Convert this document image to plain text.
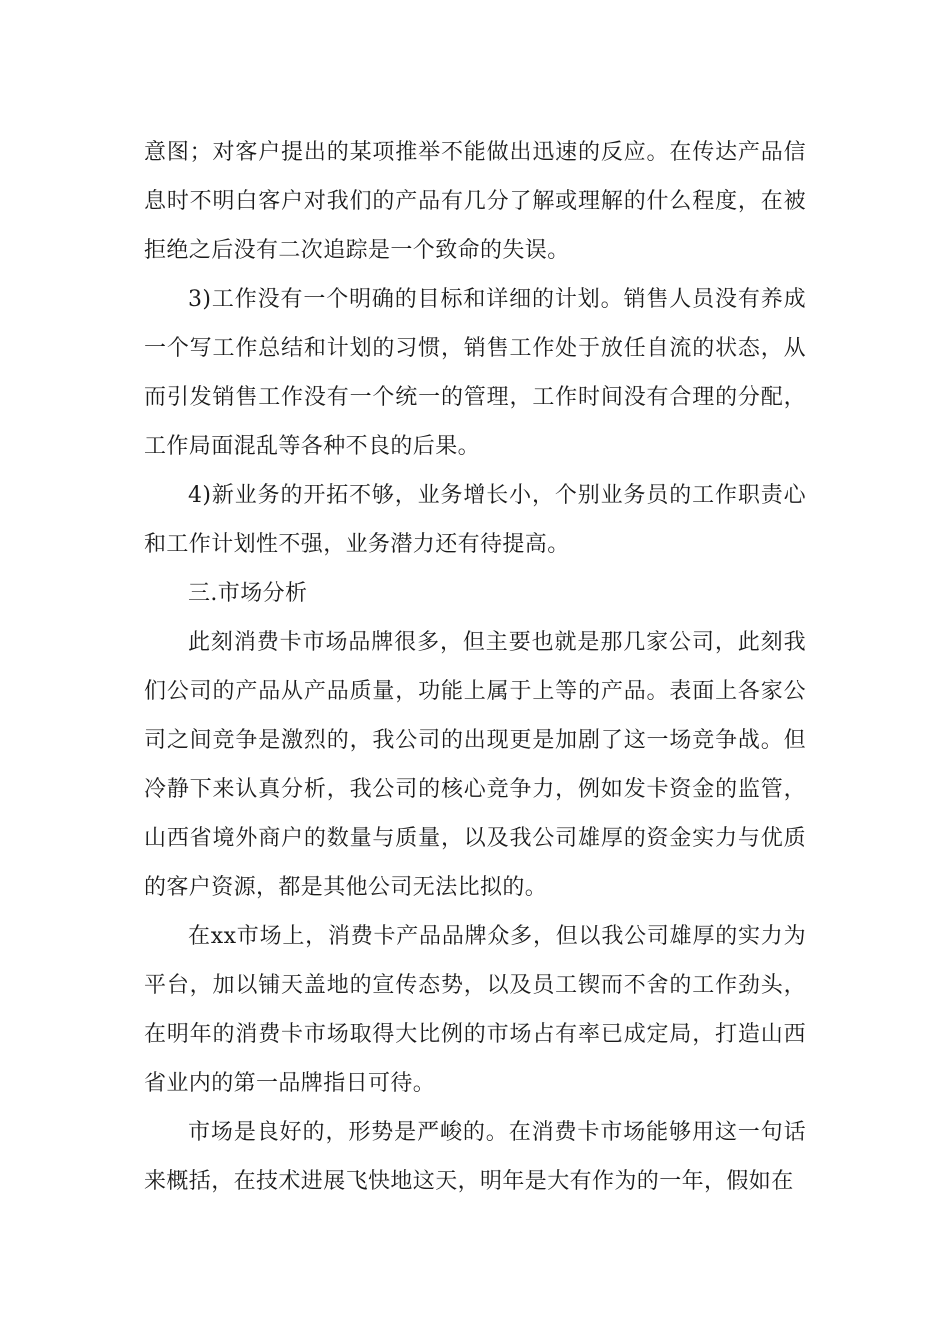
意图；对客户提出的某项推举不能做出迅速的反应。在传达产品信息时不明白客户对我们的产品有几分了解或理解的什么程度，在被拒绝之后没有二次追踪是一个致命的失误。

3)工作没有一个明确的目标和详细的计划。销售人员没有养成一个写工作总结和计划的习惯，销售工作处于放任自流的状态，从而引发销售工作没有一个统一的管理，工作时间没有合理的分配，工作局面混乱等各种不良的后果。

4)新业务的开拓不够，业务增长小，个别业务员的工作职责心和工作计划性不强，业务潜力还有待提高。

三.市场分析

此刻消费卡市场品牌很多，但主要也就是那几家公司，此刻我们公司的产品从产品质量，功能上属于上等的产品。表面上各家公司之间竞争是激烈的，我公司的出现更是加剧了这一场竞争战。但冷静下来认真分析，我公司的核心竞争力，例如发卡资金的监管，山西省境外商户的数量与质量，以及我公司雄厚的资金实力与优质的客户资源，都是其他公司无法比拟的。

在xx市场上，消费卡产品品牌众多，但以我公司雄厚的实力为平台，加以铺天盖地的宣传态势，以及员工锲而不舍的工作劲头，在明年的消费卡市场取得大比例的市场占有率已成定局，打造山西省业内的第一品牌指日可待。

市场是良好的，形势是严峻的。在消费卡市场能够用这一句话来概括，在技术进展飞快地这天，明年是大有作为的一年，假如在
